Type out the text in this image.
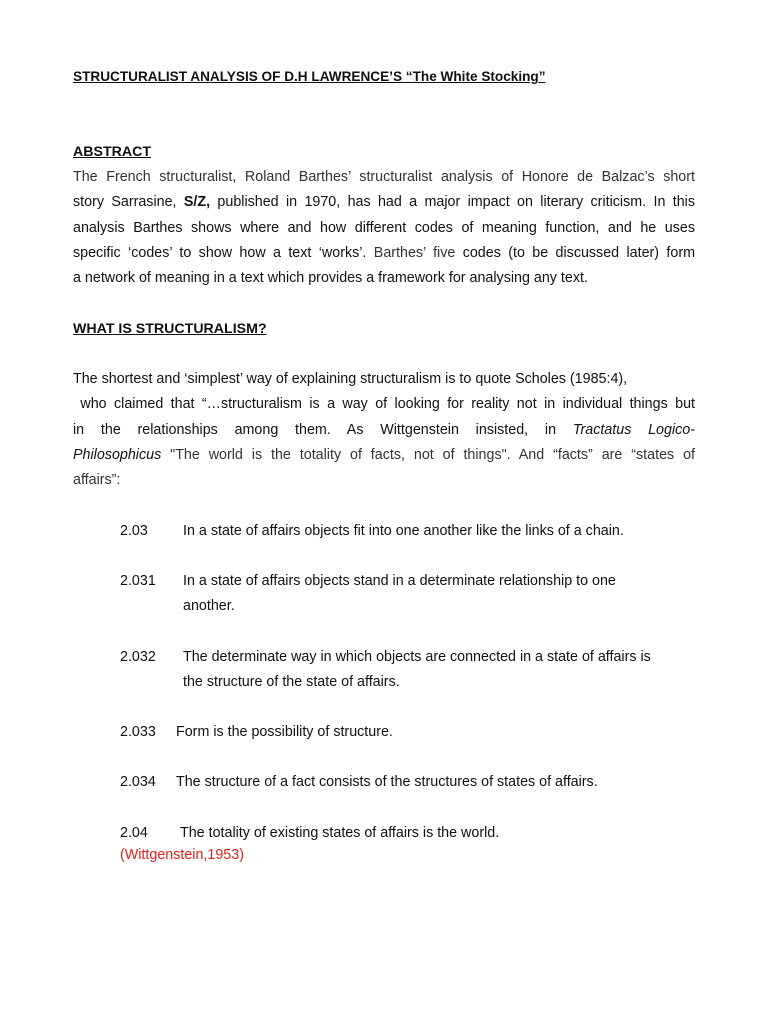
STRUCTURALIST ANALYSIS OF D.H LAWRENCE’S “The White Stocking”
ABSTRACT
The French structuralist, Roland Barthes’ structuralist analysis of Honore de Balzac’s short
story Sarrasine, S/Z, published in 1970, has had a major impact on literary criticism. In this
analysis Barthes shows where and how different codes of meaning function, and he uses
specific ‘codes’ to show how a text ‘works’. Barthes’ five codes (to be discussed later) form
a network of meaning in a text which provides a framework for analysing any text.
WHAT IS STRUCTURALISM?
The shortest and ‘simplest’ way of explaining structuralism is to quote Scholes (1985:4),
who claimed that “…structuralism is a way of looking for reality not in individual things but
in the relationships among them. As Wittgenstein insisted, in Tractatus Logico-
Philosophicus "The world is the totality of facts, not of things". And “facts” are “states of
affairs”:
2.03 In a state of affairs objects fit into one another like the links of a chain.
2.031 In a state of affairs objects stand in a determinate relationship to one
another.
2.032 The determinate way in which objects are connected in a state of affairs is
the structure of the state of affairs.
2.033 Form is the possibility of structure.
2.034 The structure of a fact consists of the structures of states of affairs.
2.04 The totality of existing states of affairs is the world.
(Wittgenstein,1953)
